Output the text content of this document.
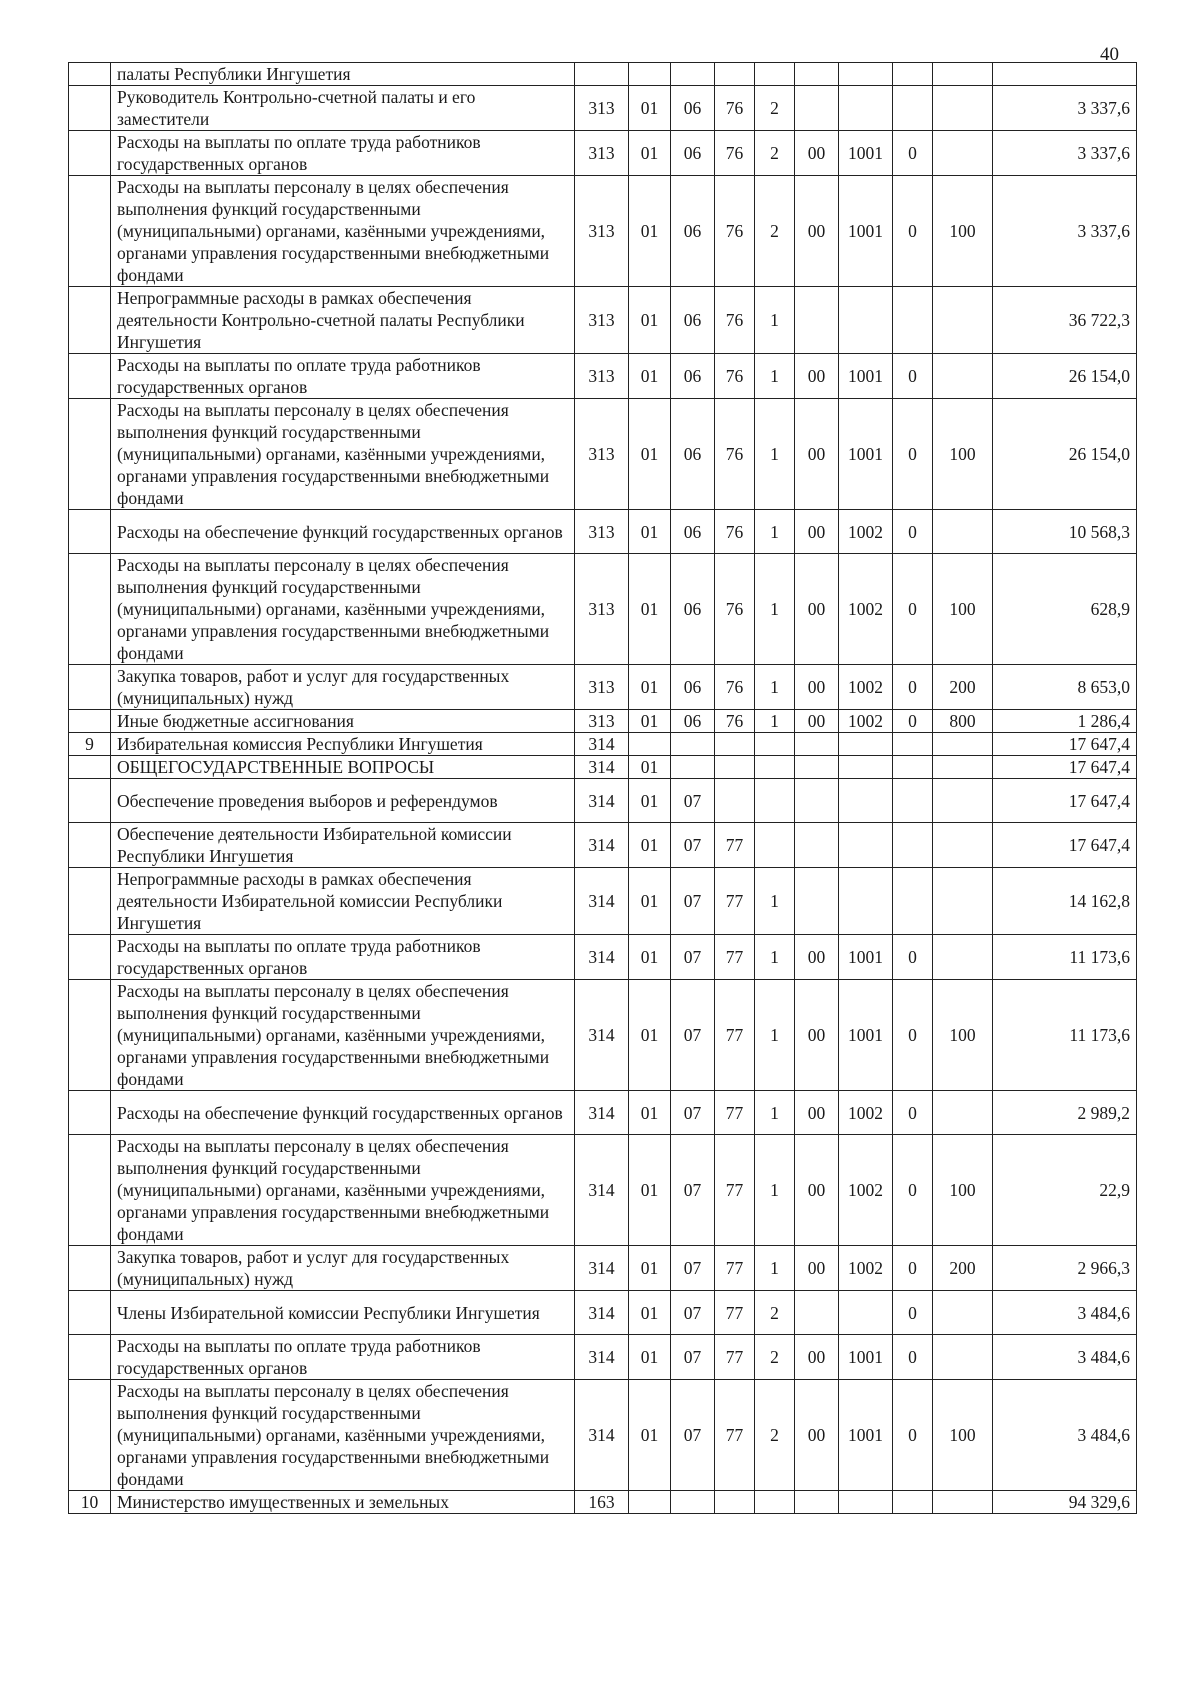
40
	палаты Республики Ингушетия										
	Руководитель Контрольно-счетной палаты и его заместители	313	01	06	76	2					3 337,6
	Расходы на выплаты по оплате труда работников государственных органов	313	01	06	76	2	00	1001	0		3 337,6
	Расходы на выплаты персоналу в целях обеспечения выполнения функций государственными (муниципальными) органами, казёнными учреждениями, органами управления государственными внебюджетными фондами	313	01	06	76	2	00	1001	0	100	3 337,6
	Непрограммные расходы в рамках обеспечения деятельности Контрольно-счетной палаты Республики Ингушетия	313	01	06	76	1					36 722,3
	Расходы на выплаты по оплате труда работников государственных органов	313	01	06	76	1	00	1001	0		26 154,0
	Расходы на выплаты персоналу в целях обеспечения выполнения функций государственными (муниципальными) органами, казёнными учреждениями, органами управления государственными внебюджетными фондами	313	01	06	76	1	00	1001	0	100	26 154,0
	Расходы на обеспечение функций государственных органов	313	01	06	76	1	00	1002	0		10 568,3
	Расходы на выплаты персоналу в целях обеспечения выполнения функций государственными (муниципальными) органами, казёнными учреждениями, органами управления государственными внебюджетными фондами	313	01	06	76	1	00	1002	0	100	628,9
	Закупка товаров, работ и услуг для государственных (муниципальных) нужд	313	01	06	76	1	00	1002	0	200	8 653,0
	Иные бюджетные ассигнования	313	01	06	76	1	00	1002	0	800	1 286,4
9	Избирательная комиссия Республики Ингушетия	314									17 647,4
	ОБЩЕГОСУДАРСТВЕННЫЕ ВОПРОСЫ	314	01								17 647,4
	Обеспечение проведения выборов и референдумов	314	01	07							17 647,4
	Обеспечение деятельности Избирательной комиссии Республики Ингушетия	314	01	07	77						17 647,4
	Непрограммные расходы в рамках обеспечения деятельности Избирательной комиссии Республики Ингушетия	314	01	07	77	1					14 162,8
	Расходы на выплаты по оплате труда работников государственных органов	314	01	07	77	1	00	1001	0		11 173,6
	Расходы на выплаты персоналу в целях обеспечения выполнения функций государственными (муниципальными) органами, казёнными учреждениями, органами управления государственными внебюджетными фондами	314	01	07	77	1	00	1001	0	100	11 173,6
	Расходы на обеспечение функций государственных органов	314	01	07	77	1	00	1002	0		2 989,2
	Расходы на выплаты персоналу в целях обеспечения выполнения функций государственными (муниципальными) органами, казёнными учреждениями, органами управления государственными внебюджетными фондами	314	01	07	77	1	00	1002	0	100	22,9
	Закупка товаров, работ и услуг для государственных (муниципальных) нужд	314	01	07	77	1	00	1002	0	200	2 966,3
	Члены Избирательной комиссии Республики Ингушетия	314	01	07	77	2			0		3 484,6
	Расходы на выплаты по оплате труда работников государственных органов	314	01	07	77	2	00	1001	0		3 484,6
	Расходы на выплаты персоналу в целях обеспечения выполнения функций государственными (муниципальными) органами, казёнными учреждениями, органами управления государственными внебюджетными фондами	314	01	07	77	2	00	1001	0	100	3 484,6
10	Министерство имущественных и земельных	163									94 329,6
